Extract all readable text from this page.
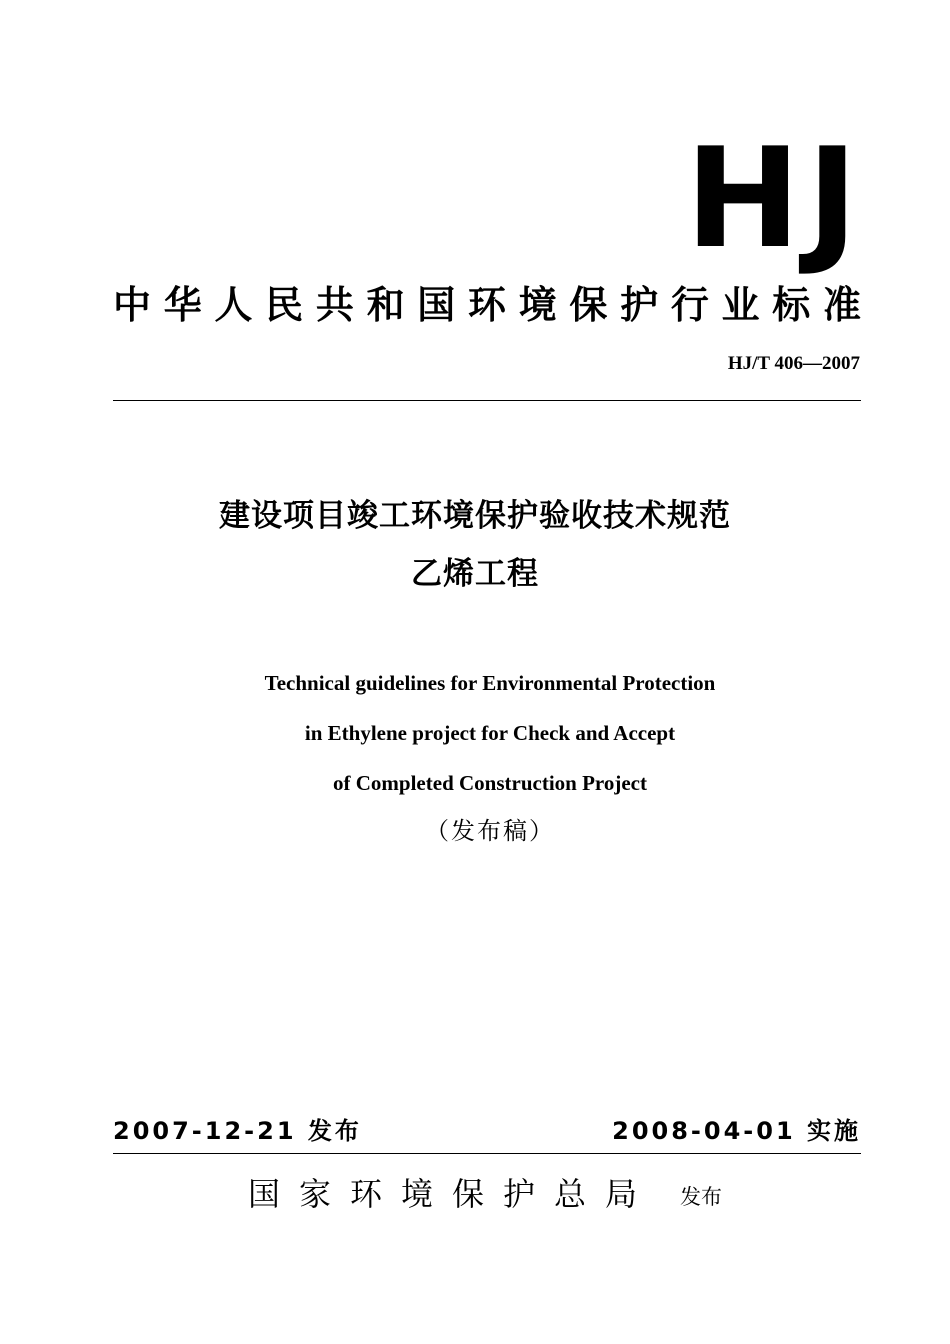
HJ
中华人民共和国环境保护行业标准
HJ/T 406—2007
建设项目竣工环境保护验收技术规范
乙烯工程
Technical guidelines for Environmental Protection
in Ethylene project for Check and Accept
of Completed Construction Project
（发布稿）
2007-12-21 发布	2008-04-01 实施
国家环境保护总局 发布
